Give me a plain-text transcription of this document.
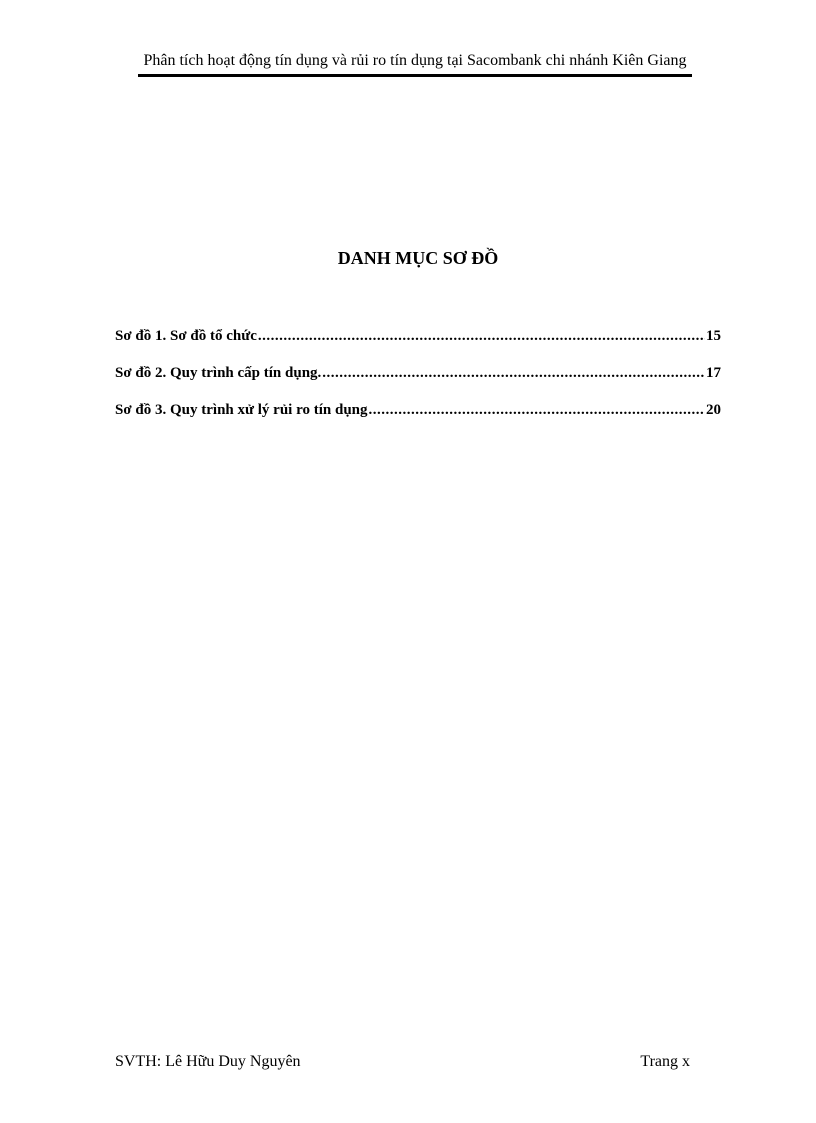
Phân tích hoạt động tín dụng và rủi ro tín dụng tại Sacombank chi nhánh Kiên Giang
DANH MỤC SƠ ĐỒ
Sơ đồ 1. Sơ đồ tổ chức .....	15
Sơ đồ 2. Quy trình cấp tín dụng. .....	17
Sơ đồ 3. Quy trình xử lý rủi ro tín dụng .....	20
SVTH: Lê Hữu Duy Nguyên	Trang x
